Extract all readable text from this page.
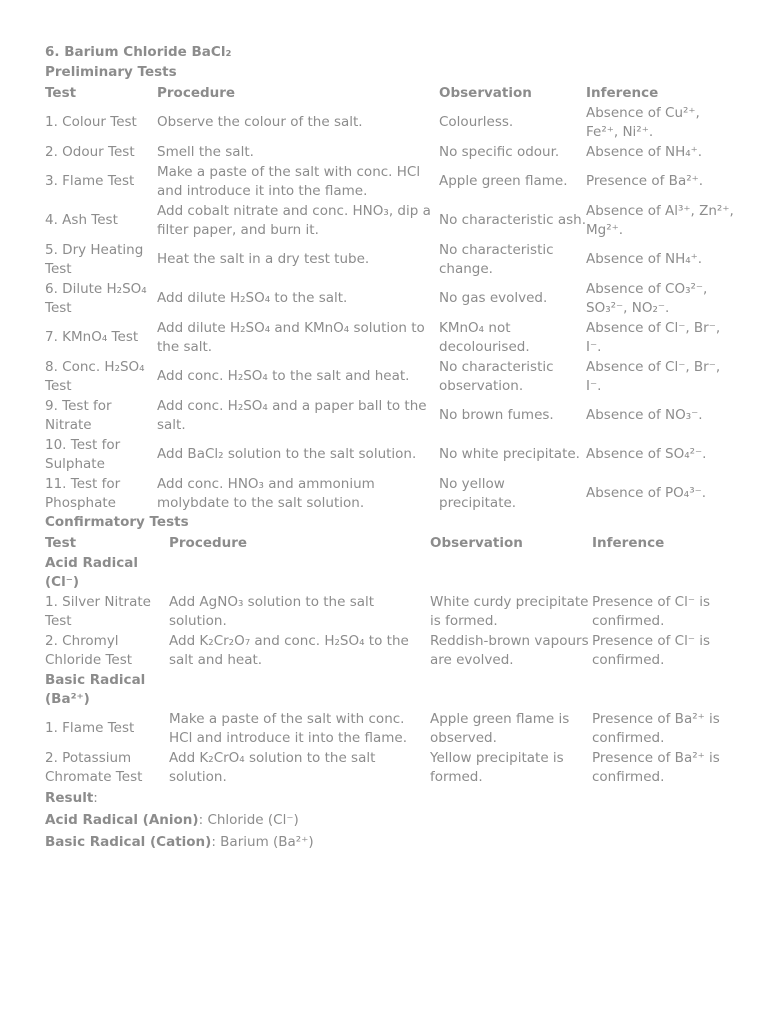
6. Barium Chloride BaCl₂
Preliminary Tests
Test	Procedure	Observation	Inference
1. Colour Test	Observe the colour of the salt.	Colourless.	Absence of Cu²⁺, Fe²⁺, Ni²⁺.
2. Odour Test	Smell the salt.	No specific odour.	Absence of NH₄⁺.
3. Flame Test	Make a paste of the salt with conc. HCl and introduce it into the flame.	Apple green flame.	Presence of Ba²⁺.
4. Ash Test	Add cobalt nitrate and conc. HNO₃, dip a filter paper, and burn it.	No characteristic ash.	Absence of Al³⁺, Zn²⁺, Mg²⁺.
5. Dry Heating Test	Heat the salt in a dry test tube.	No characteristic change.	Absence of NH₄⁺.
6. Dilute H₂SO₄ Test	Add dilute H₂SO₄ to the salt.	No gas evolved.	Absence of CO₃²⁻, SO₃²⁻, NO₂⁻.
7. KMnO₄ Test	Add dilute H₂SO₄ and KMnO₄ solution to the salt.	KMnO₄ not decolourised.	Absence of Cl⁻, Br⁻, I⁻.
8. Conc. H₂SO₄ Test	Add conc. H₂SO₄ to the salt and heat.	No characteristic observation.	Absence of Cl⁻, Br⁻, I⁻.
9. Test for Nitrate	Add conc. H₂SO₄ and a paper ball to the salt.	No brown fumes.	Absence of NO₃⁻.
10. Test for Sulphate	Add BaCl₂ solution to the salt solution.	No white precipitate.	Absence of SO₄²⁻.
11. Test for Phosphate	Add conc. HNO₃ and ammonium molybdate to the salt solution.	No yellow precipitate.	Absence of PO₄³⁻.
Confirmatory Tests
Test	Procedure	Observation	Inference
Acid Radical (Cl⁻)			
1. Silver Nitrate Test	Add AgNO₃ solution to the salt solution.	White curdy precipitate is formed.	Presence of Cl⁻ is confirmed.
2. Chromyl Chloride Test	Add K₂Cr₂O₇ and conc. H₂SO₄ to the salt and heat.	Reddish-brown vapours are evolved.	Presence of Cl⁻ is confirmed.
Basic Radical (Ba²⁺)			
1. Flame Test	Make a paste of the salt with conc. HCl and introduce it into the flame.	Apple green flame is observed.	Presence of Ba²⁺ is confirmed.
2. Potassium Chromate Test	Add K₂CrO₄ solution to the salt solution.	Yellow precipitate is formed.	Presence of Ba²⁺ is confirmed.
Result:
Acid Radical (Anion): Chloride (Cl⁻)
Basic Radical (Cation): Barium (Ba²⁺)
